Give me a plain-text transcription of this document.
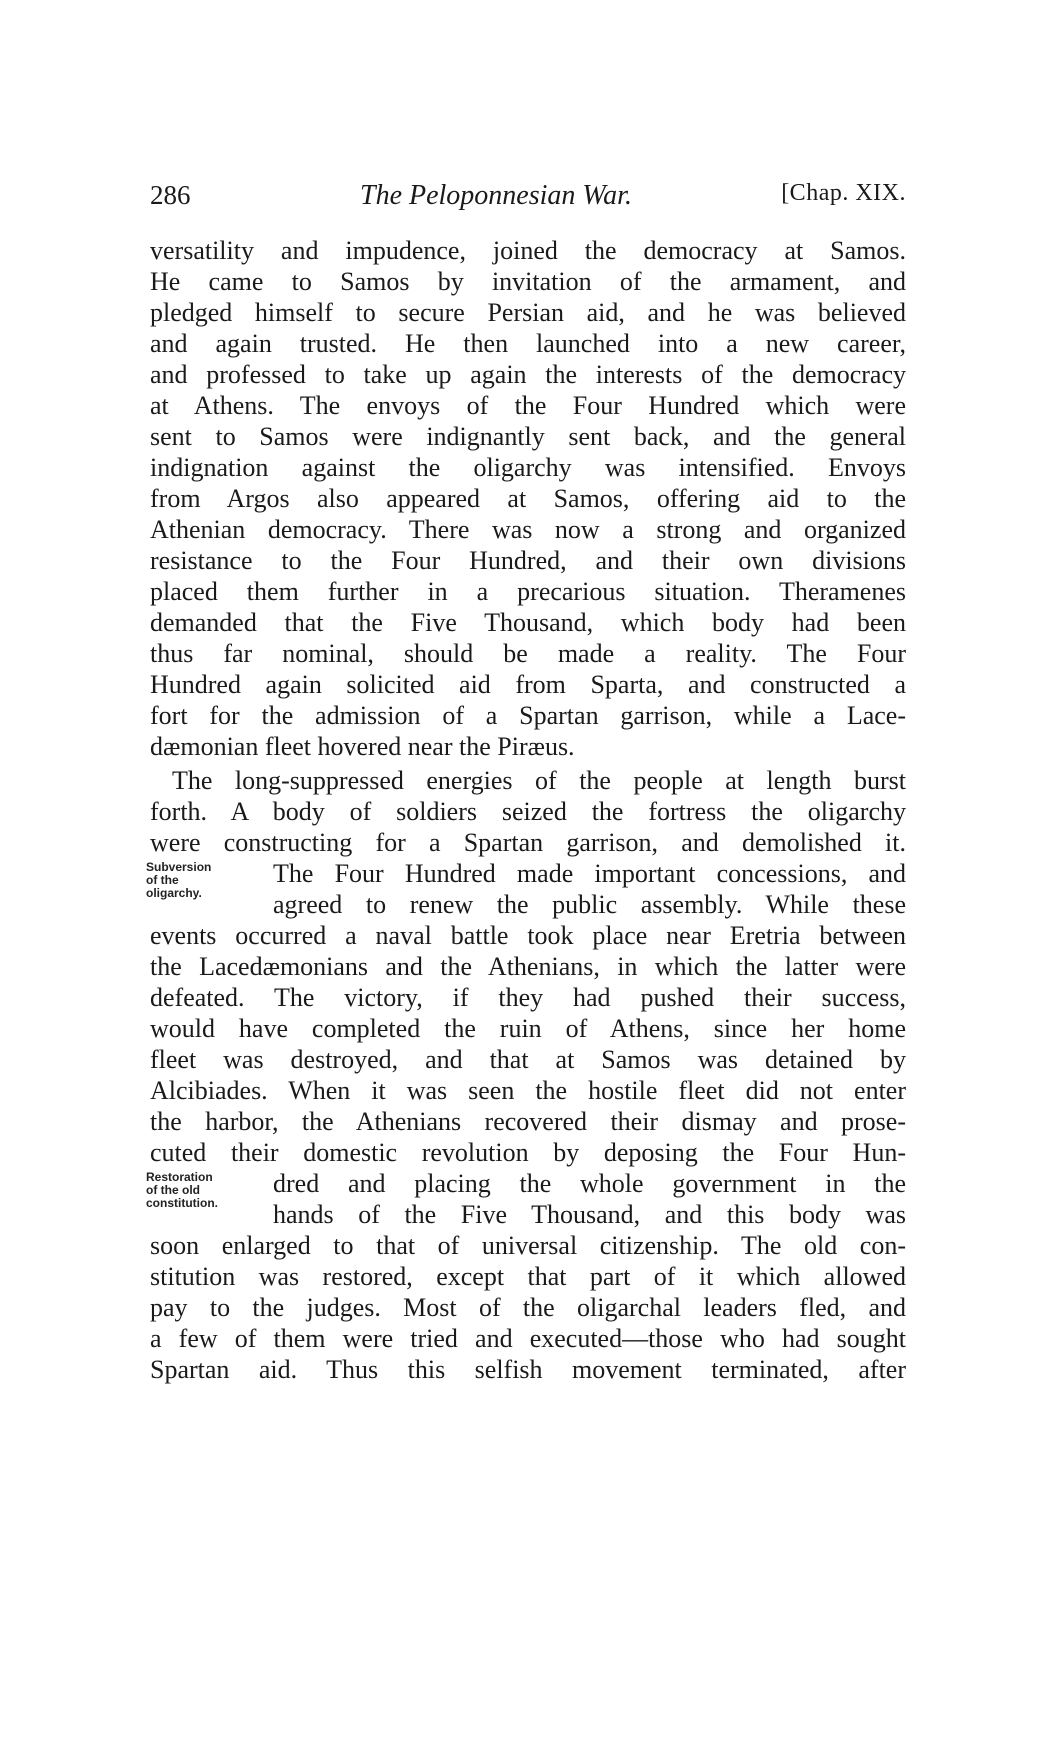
286	The Peloponnesian War.	[Chap. XIX.
versatility and impudence, joined the democracy at Samos.
He came to Samos by invitation of the armament, and
pledged himself to secure Persian aid, and he was believed
and again trusted. He then launched into a new career,
and professed to take up again the interests of the democracy
at Athens. The envoys of the Four Hundred which were
sent to Samos were indignantly sent back, and the general
indignation against the oligarchy was intensified. Envoys
from Argos also appeared at Samos, offering aid to the
Athenian democracy. There was now a strong and organized
resistance to the Four Hundred, and their own divisions
placed them further in a precarious situation. Theramenes
demanded that the Five Thousand, which body had been
thus far nominal, should be made a reality. The Four
Hundred again solicited aid from Sparta, and constructed a
fort for the admission of a Spartan garrison, while a Lace-
dæmonian fleet hovered near the Piræus.
The long-suppressed energies of the people at length burst
forth. A body of soldiers seized the fortress the oligarchy
were constructing for a Spartan garrison, and demolished it.
Subversion
of the
oligarchy.
The Four Hundred made important concessions, and
agreed to renew the public assembly. While these
events occurred a naval battle took place near Eretria between
the Lacedæmonians and the Athenians, in which the latter were
defeated. The victory, if they had pushed their success,
would have completed the ruin of Athens, since her home
fleet was destroyed, and that at Samos was detained by
Alcibiades. When it was seen the hostile fleet did not enter
the harbor, the Athenians recovered their dismay and prose-
cuted their domestic revolution by deposing the Four Hun-
Restoration
of the old
constitution.
dred and placing the whole government in the
hands of the Five Thousand, and this body was
soon enlarged to that of universal citizenship. The old con-
stitution was restored, except that part of it which allowed
pay to the judges. Most of the oligarchal leaders fled, and
a few of them were tried and executed—those who had sought
Spartan aid. Thus this selfish movement terminated, after
